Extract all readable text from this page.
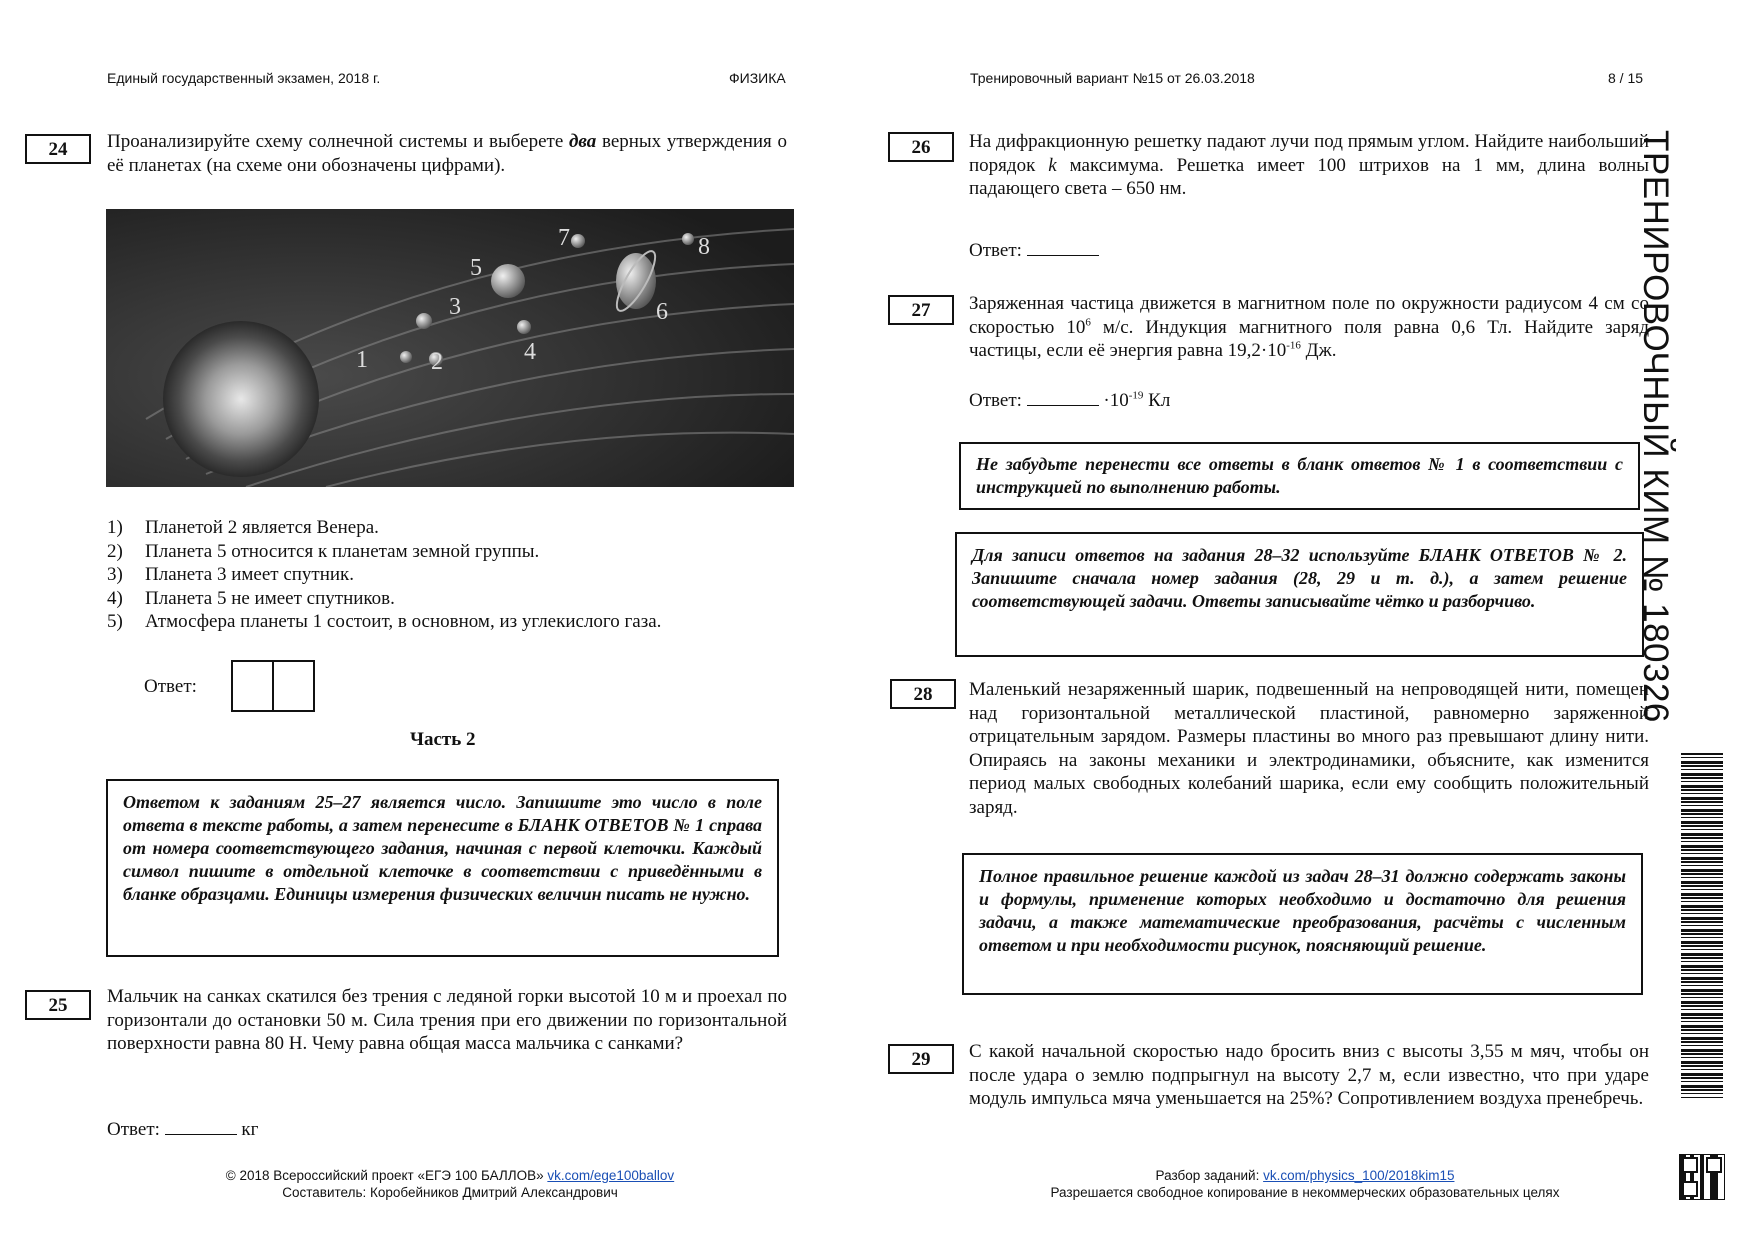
Единый государственный экзамен, 2018 г.	ФИЗИКА	Тренировочный вариант №15 от 26.03.2018	8 / 15
24	Проанализируйте схему солнечной системы и выберете два верных утверждения о её планетах (на схеме они обозначены цифрами).
1	2
3
4
5
6
7	8
1)	Планетой 2 является Венера.
2)	Планета 5 относится к планетам земной группы.
3)	Планета 3 имеет спутник.
4)	Планета 5 не имеет спутников.
5)	Атмосфера планеты 1 состоит, в основном, из углекислого газа.
Ответ:
Часть 2
Ответом к заданиям 25–27 является число. Запишите это число в поле ответа в тексте работы, а затем перенесите в БЛАНК ОТВЕТОВ № 1 справа от номера соответствующего задания, начиная с первой клеточки. Каждый символ пишите в отдельной клеточке в соответствии с приведёнными в бланке образцами. Единицы измерения физических величин писать не нужно.
25	Мальчик на санках скатился без трения с ледяной горки высотой 10 м и проехал по горизонтали до остановки 50 м. Сила трения при его движении по горизонтальной поверхности равна 80 Н. Чему равна общая масса мальчика с санками?
Ответ:	кг
26	На дифракционную решетку падают лучи под прямым углом. Найдите наибольший порядок k максимума. Решетка имеет 100 штрихов на 1 мм, длина волны падающего света – 650 нм.
Ответ:
27	Заряженная частица движется в магнитном поле по окружности радиусом 4 см со скоростью $10^6$ м/с. Индукция магнитного поля равна 0,6 Тл. Найдите заряд частицы, если её энергия равна $19,2\cdot 10^{-16}$ Дж.
Ответ:	$\cdot 10^{-19}$ Кл
Не забудьте перенести все ответы в бланк ответов № 1 в соответствии с инструкцией по выполнению работы.
Для записи ответов на задания 28–32 используйте БЛАНК ОТВЕТОВ № 2. Запишите сначала номер задания (28, 29 и т. д.), а затем решение соответствующей задачи. Ответы записывайте чётко и разборчиво.
28	Маленький незаряженный шарик, подвешенный на непроводящей нити, помещен над горизонтальной металлической пластиной, равномерно заряженной отрицательным зарядом. Размеры пластины во много раз превышают длину нити. Опираясь на законы механики и электродинамики, объясните, как изменится период малых свободных колебаний шарика, если ему сообщить положительный заряд.
Полное правильное решение каждой из задач 28–31 должно содержать законы и формулы, применение которых необходимо и достаточно для решения задачи, а также математические преобразования, расчёты с численным ответом и при необходимости рисунок, поясняющий решение.
29	С какой начальной скоростью надо бросить вниз с высоты 3,55 м мяч, чтобы он после удара о землю подпрыгнул на высоту 2,7 м, если известно, что при ударе модуль импульса мяча уменьшается на 25%? Сопротивлением воздуха пренебречь.
© 2018 Всероссийский проект «ЕГЭ 100 БАЛЛОВ» vk.com/ege100ballov
Составитель: Коробейников Дмитрий Александрович
Разбор заданий: vk.com/physics_100/2018kim15
Разрешается свободное копирование в некоммерческих образовательных целях
ТРЕНИРОВОЧНЫЙ КИМ № 180326
